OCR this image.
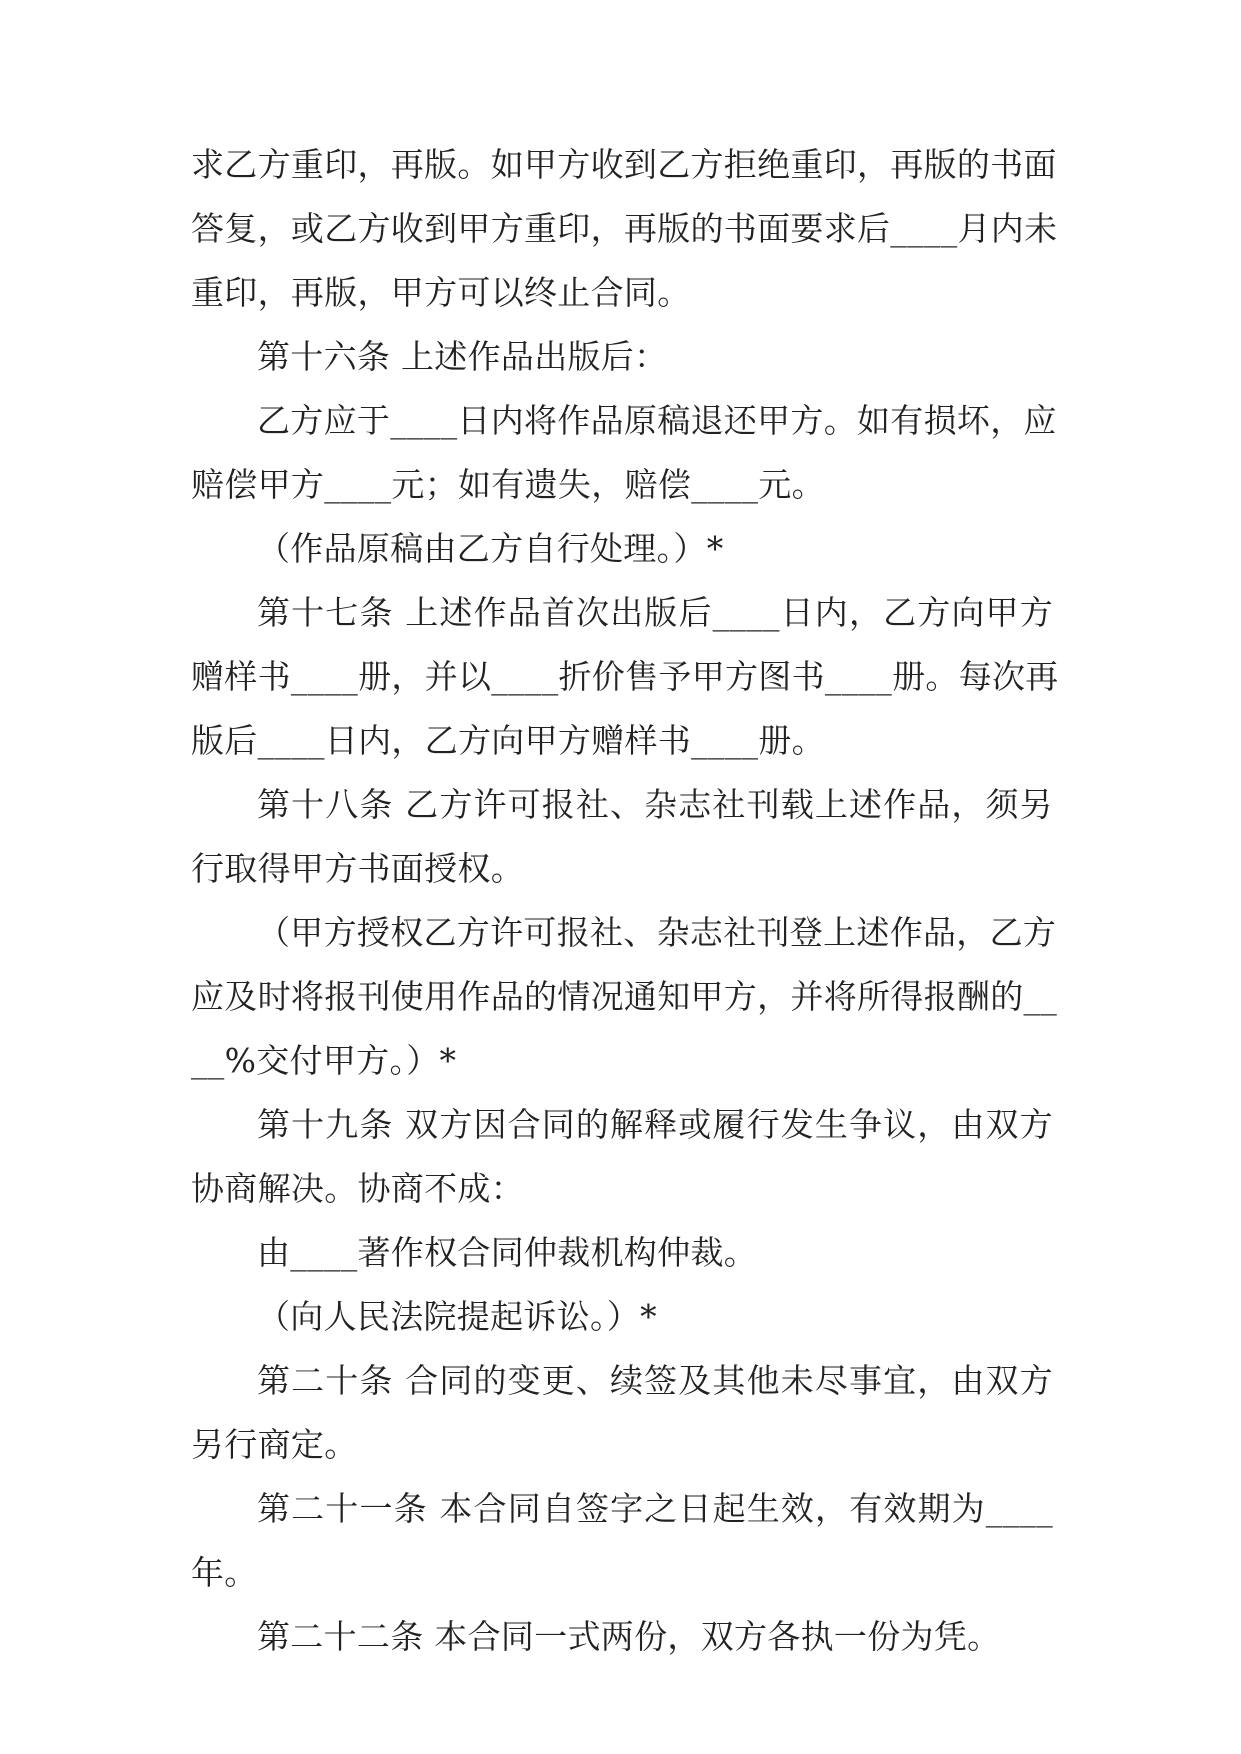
求乙方重印，再版。如甲方收到乙方拒绝重印，再版的书面
答复，或乙方收到甲方重印，再版的书面要求后____月内未
重印，再版，甲方可以终止合同。
第十六条 上述作品出版后：
乙方应于____日内将作品原稿退还甲方。如有损坏，应
赔偿甲方____元；如有遗失，赔偿____元。
（作品原稿由乙方自行处理。）*
第十七条 上述作品首次出版后____日内，乙方向甲方
赠样书____册，并以____折价售予甲方图书____册。每次再
版后____日内，乙方向甲方赠样书____册。
第十八条 乙方许可报社、杂志社刊载上述作品，须另
行取得甲方书面授权。
（甲方授权乙方许可报社、杂志社刊登上述作品，乙方
应及时将报刊使用作品的情况通知甲方，并将所得报酬的__
__%交付甲方。）*
第十九条 双方因合同的解释或履行发生争议，由双方
协商解决。协商不成：
由____著作权合同仲裁机构仲裁。
（向人民法院提起诉讼。）*
第二十条 合同的变更、续签及其他未尽事宜，由双方
另行商定。
第二十一条 本合同自签字之日起生效，有效期为____
年。
第二十二条 本合同一式两份，双方各执一份为凭。
